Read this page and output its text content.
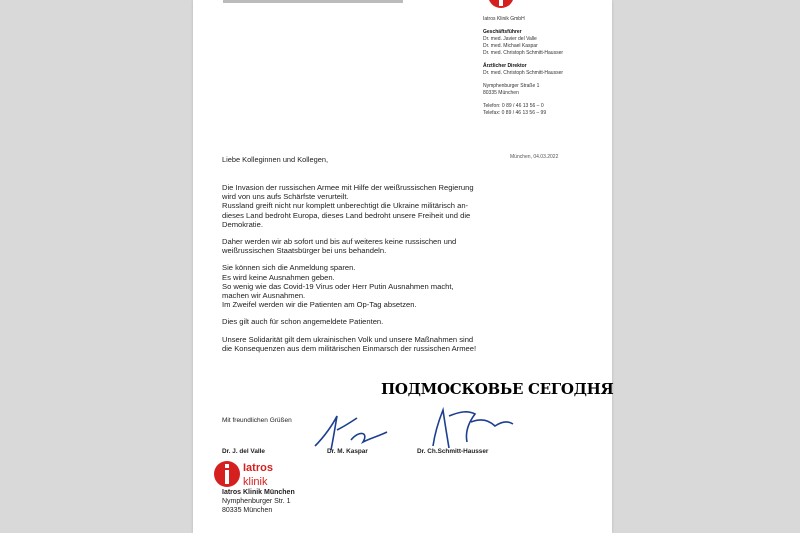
Iatros Klinik GmbH
Geschäftsführer
Dr. med. Javier del Valle
Dr. med. Michael Kaspar
Dr. med. Christoph Schmitt-Hausser
Ärztlicher Direktor
Dr. med. Christoph Schmitt-Hausser
Nymphenburger Straße 1
80335 München
Telefon: 0 89 / 46 13 56 – 0
Telefax: 0 89 / 46 13 56 – 99
München, 04.03.2022
Liebe Kolleginnen und Kollegen,

Die Invasion der russischen Armee mit Hilfe der weißrussischen Regierung
wird von uns aufs Schärfste verurteilt.
Russland greift nicht nur komplett unberechtigt die Ukraine militärisch an-
dieses Land bedroht Europa, dieses Land bedroht unsere Freiheit und die
Demokratie.

Daher werden wir ab sofort und bis auf weiteres keine russischen und
weißrussischen Staatsbürger bei uns behandeln.

Sie können sich die Anmeldung sparen.
Es wird keine Ausnahmen geben.
So wenig wie das Covid-19 Virus oder Herr Putin Ausnahmen macht,
machen wir Ausnahmen.
Im Zweifel werden wir die Patienten am Op-Tag absetzen.

Dies gilt auch für schon angemeldete Patienten.

Unsere Solidarität gilt dem ukrainischen Volk und unsere Maßnahmen sind
die Konsequenzen aus dem militärischen Einmarsch der russischen Armee!

Mit freundlichen Grüßen
Dr. J. del Valle	Dr. M. Kaspar	Dr. Ch.Schmitt-Hausser
Iatros
klinik
Iatros Klinik München
Nymphenburger Str. 1
80335 München
ПОДМОСКОВЬЕ СЕГОДНЯ
